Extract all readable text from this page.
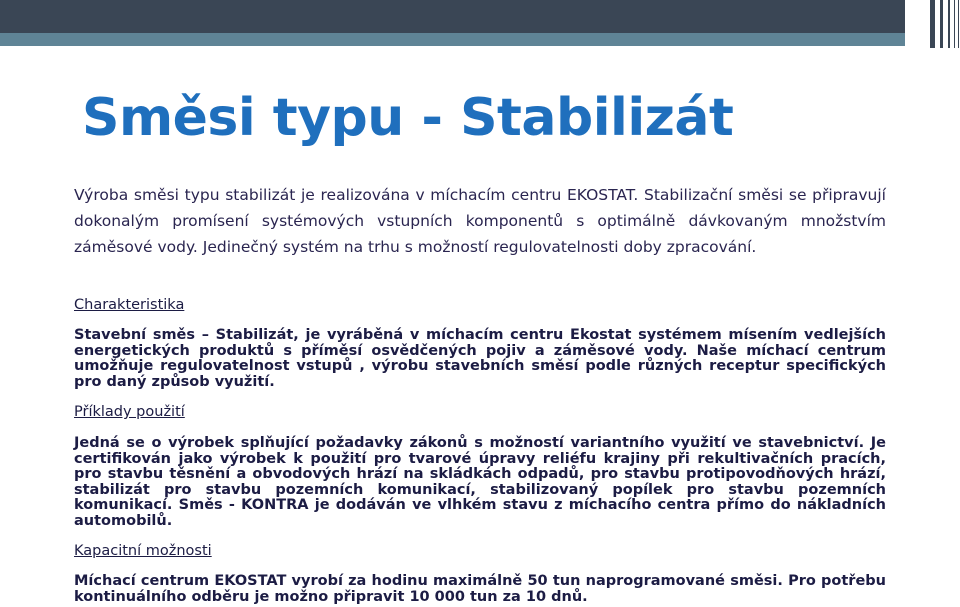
Směsi typu - Stabilizát

Výroba směsi typu stabilizát je realizována v míchacím centru EKOSTAT. Stabilizační směsi se připravují dokonalým promísení systémových vstupních komponentů s optimálně dávkovaným množstvím záměsové vody. Jedinečný systém na trhu s možností regulovatelnosti doby zpracování.

Charakteristika

Stavební směs – Stabilizát, je vyráběná v míchacím centru Ekostat systémem mísením vedlejších energetických produktů s příměsí osvědčených pojiv a záměsové vody. Naše míchací centrum umožňuje regulovatelnost vstupů , výrobu stavebních směsí podle různých receptur specifických pro daný způsob využití.

Příklady použití

Jedná se o výrobek splňující požadavky zákonů s možností variantního využití ve stavebnictví. Je certifikován jako výrobek k použití pro tvarové úpravy reliéfu krajiny při rekultivačních pracích, pro stavbu těsnění a obvodových hrází na skládkách odpadů, pro stavbu protipovodňových hrází, stabilizát pro stavbu pozemních komunikací, stabilizovaný popílek pro stavbu pozemních komunikací. Směs - KONTRA je dodáván ve vlhkém stavu z míchacího centra přímo do nákladních automobilů.

Kapacitní možnosti

Míchací centrum EKOSTAT vyrobí za hodinu maximálně 50 tun naprogramované směsi. Pro potřebu kontinuálního odběru je možno připravit 10 000 tun za 10 dnů.
